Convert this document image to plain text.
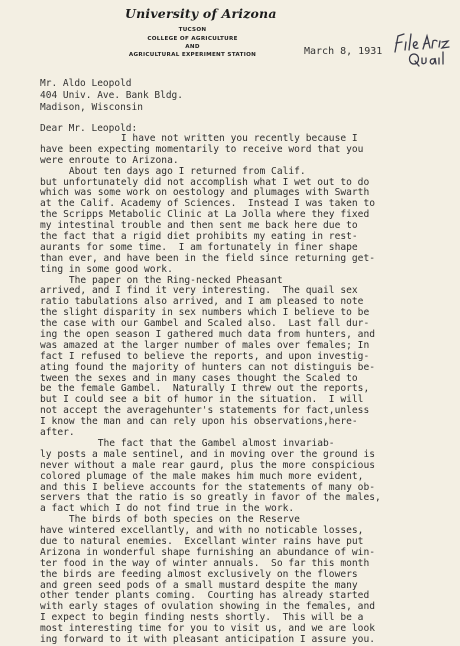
University of Arizona
TUCSON
COLLEGE OF AGRICULTURE
AND
AGRICULTURAL EXPERIMENT STATION	March 8, 1931
Mr. Aldo Leopold
404 Univ. Ave. Bank Bldg.
Madison, Wisconsin
Dear Mr. Leopold:
I have not written you recently because I
have been expecting momentarily to receive word that you
were enroute to Arizona.
About ten days ago I returned from Calif.
but unfortunately did not accomplish what I wet out to do
which was some work on oestology and plumages with Swarth
at the Calif. Academy of Sciences.  Instead I was taken to
the Scripps Metabolic Clinic at La Jolla where they fixed
my intestinal trouble and then sent me back here due to
the fact that a rigid diet prohibits my eating in rest-
aurants for some time.  I am fortunately in finer shape
than ever, and have been in the field since returning get-
ting in some good work.
The paper on the Ring-necked Pheasant
arrived, and I find it very interesting.  The quail sex
ratio tabulations also arrived, and I am pleased to note
the slight disparity in sex numbers which I believe to be
the case with our Gambel and Scaled also.  Last fall dur-
ing the open season I gathered much data from hunters, and
was amazed at the larger number of males over females; In
fact I refused to believe the reports, and upon investig-
ating found the majority of hunters can not distinguis be-
tween the sexes and in many cases thought the Scaled to
be the female Gambel.  Naturally I threw out the reports,
but I could see a bit of humor in the situation.  I will
not accept the averagehunter's statements for fact,unless
I know the man and can rely upon his observations,here-
after.
The fact that the Gambel almost invariab-
ly posts a male sentinel, and in moving over the ground is
never without a male rear gaurd, plus the more conspicious
colored plumage of the male makes him much more evident,
and this I believe accounts for the statements of many ob-
servers that the ratio is so greatly in favor of the males,
a fact which I do not find true in the work.
The birds of both species on the Reserve
have wintered excellantly, and with no noticable losses,
due to natural enemies.  Excellant winter rains have put
Arizona in wonderful shape furnishing an abundance of win-
ter food in the way of winter annuals.  So far this month
the birds are feeding almost exclusively on the flowers
and green seed pods of a small mustard despite the many
other tender plants coming.  Courting has already started
with early stages of ovulation showing in the females, and
I expect to begin finding nests shortly.  This will be a
most interesting time for you to visit us, and we are look
ing forward to it with pleasant anticipation I assure you.
